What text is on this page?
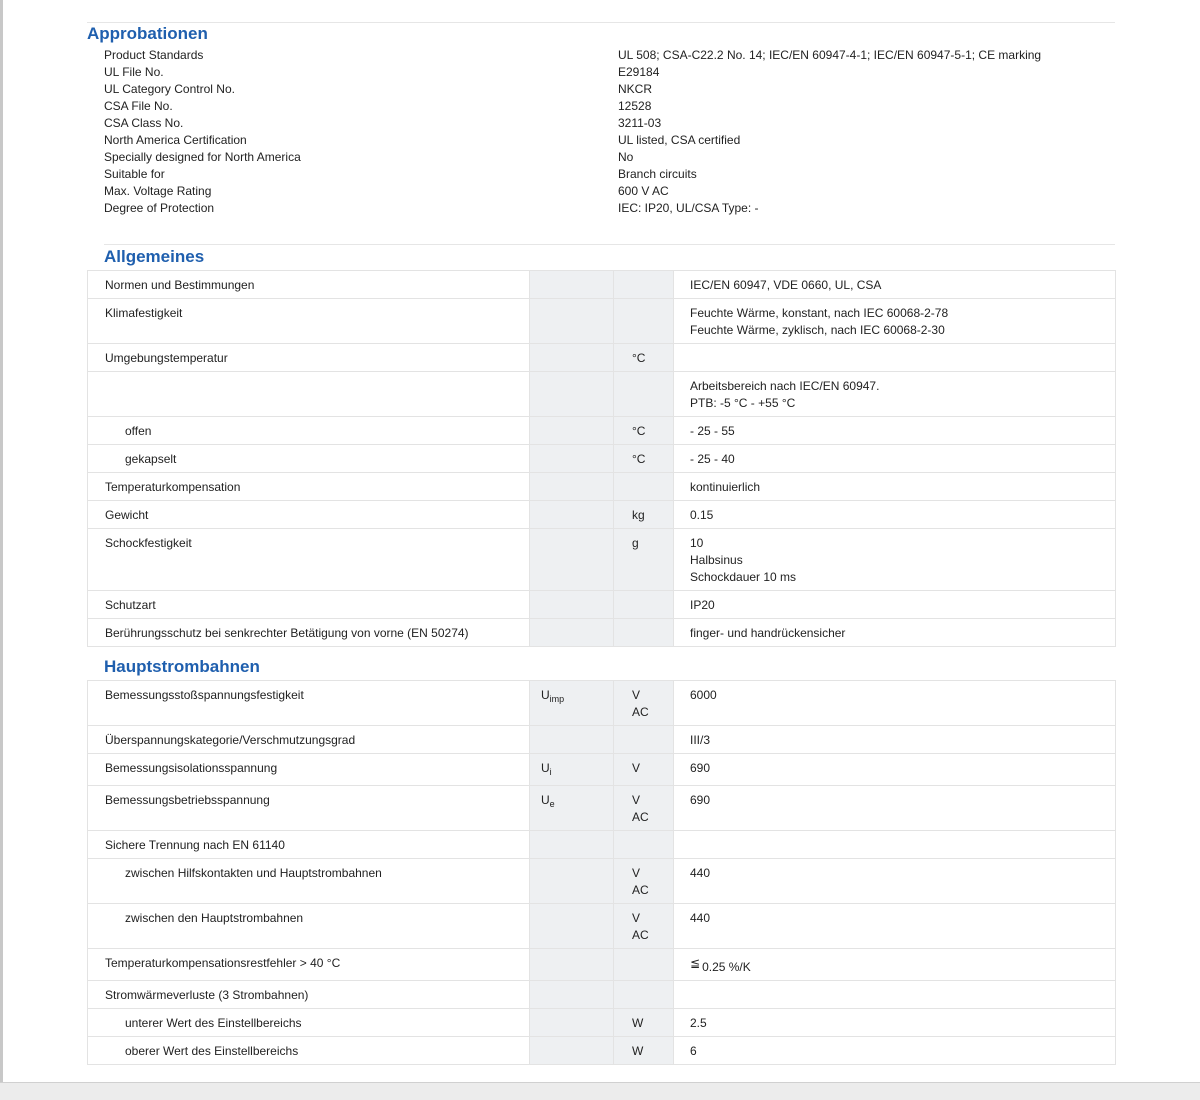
Approbationen
Product Standards	UL 508; CSA-C22.2 No. 14; IEC/EN 60947-4-1; IEC/EN 60947-5-1; CE marking
UL File No.	E29184
UL Category Control No.	NKCR
CSA File No.	12528
CSA Class No.	3211-03
North America Certification	UL listed, CSA certified
Specially designed for North America	No
Suitable for	Branch circuits
Max. Voltage Rating	600 V AC
Degree of Protection	IEC: IP20, UL/CSA Type: -
Allgemeines
Normen und Bestimmungen			IEC/EN 60947, VDE 0660, UL, CSA
Klimafestigkeit			Feuchte Wärme, konstant, nach IEC 60068-2-78
Feuchte Wärme, zyklisch, nach IEC 60068-2-30
Umgebungstemperatur		°C	
			Arbeitsbereich nach IEC/EN 60947.
PTB: -5 °C - +55 °C
offen		°C	- 25 - 55
gekapselt		°C	- 25 - 40
Temperaturkompensation			kontinuierlich
Gewicht		kg	0.15
Schockfestigkeit		g	10
Halbsinus
Schockdauer 10 ms
Schutzart			IP20
Berührungsschutz bei senkrechter Betätigung von vorne (EN 50274)			finger- und handrückensicher
Hauptstrombahnen
Bemessungsstoßspannungsfestigkeit	$U_{imp}$	V
AC	6000
Überspannungskategorie/Verschmutzungsgrad			III/3
Bemessungsisolationsspannung	$U_i$	V	690
Bemessungsbetriebsspannung	$U_e$	V
AC	690
Sichere Trennung nach EN 61140			
zwischen Hilfskontakten und Hauptstrombahnen		V
AC	440
zwischen den Hauptstrombahnen		V
AC	440
Temperaturkompensationsrestfehler > 40 °C			≦ 0.25 %/K
Stromwärmeverluste (3 Strombahnen)			
unterer Wert des Einstellbereichs		W	2.5
oberer Wert des Einstellbereichs		W	6
